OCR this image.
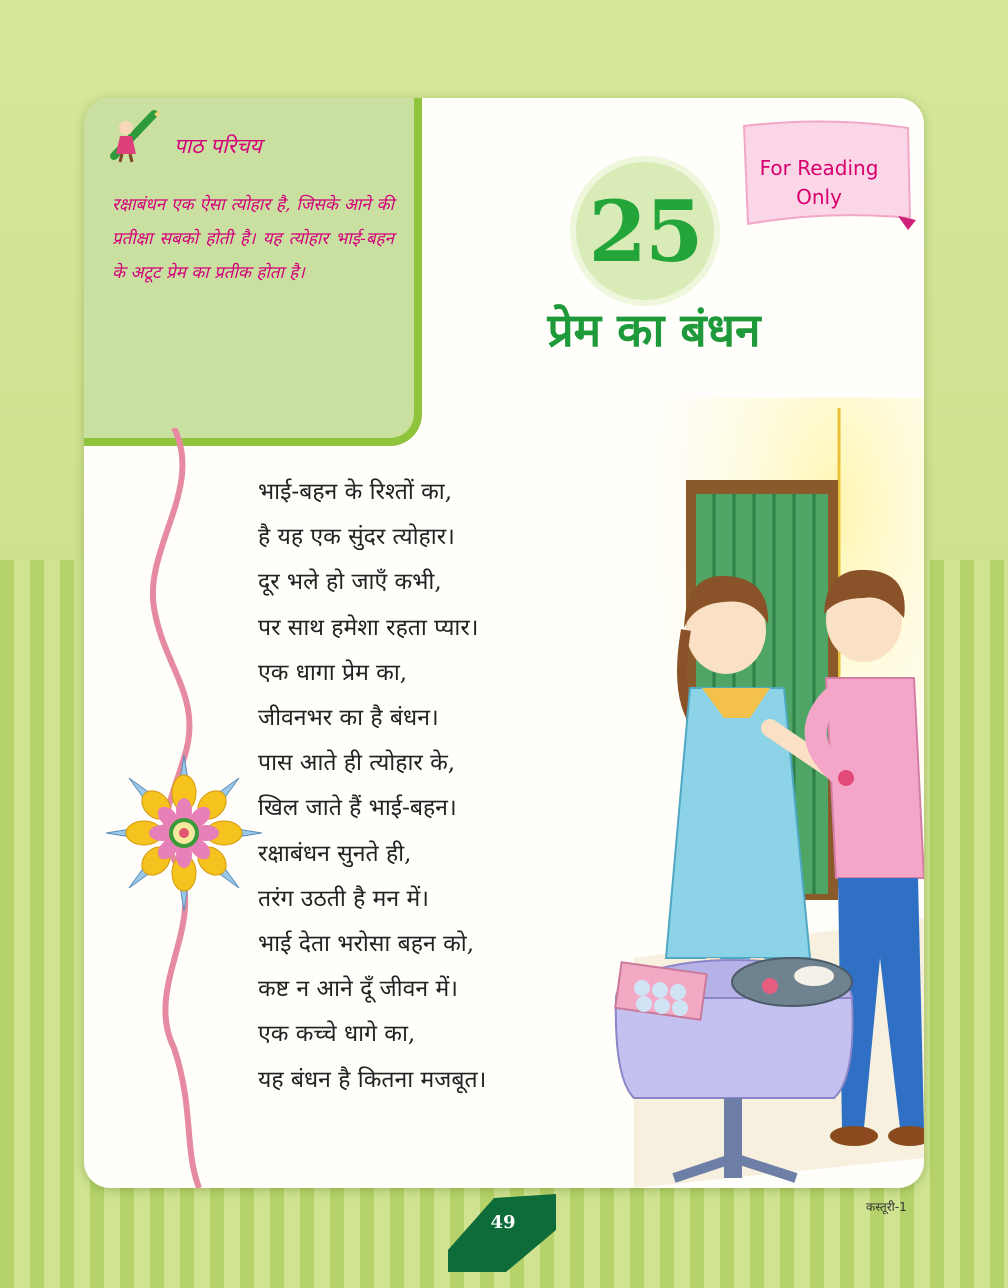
पाठ परिचय
रक्षाबंधन एक ऐसा त्योहार है, जिसके आने की प्रतीक्षा सबको होती है। यह त्योहार भाई-बहन के अटूट प्रेम का प्रतीक होता है।	25
For Reading
Only
प्रेम का बंधन
भाई-बहन के रिश्तों का,
है यह एक सुंदर त्योहार।
दूर भले हो जाएँ कभी,
पर साथ हमेशा रहता प्यार।
एक धागा प्रेम का,
जीवनभर का है बंधन।
पास आते ही त्योहार के,
खिल जाते हैं भाई-बहन।
रक्षाबंधन सुनते ही,
तरंग उठती है मन में।
भाई देता भरोसा बहन को,
कष्ट न आने दूँ जीवन में।
एक कच्चे धागे का,
यह बंधन है कितना मजबूत।
49
कस्तूरी-1
